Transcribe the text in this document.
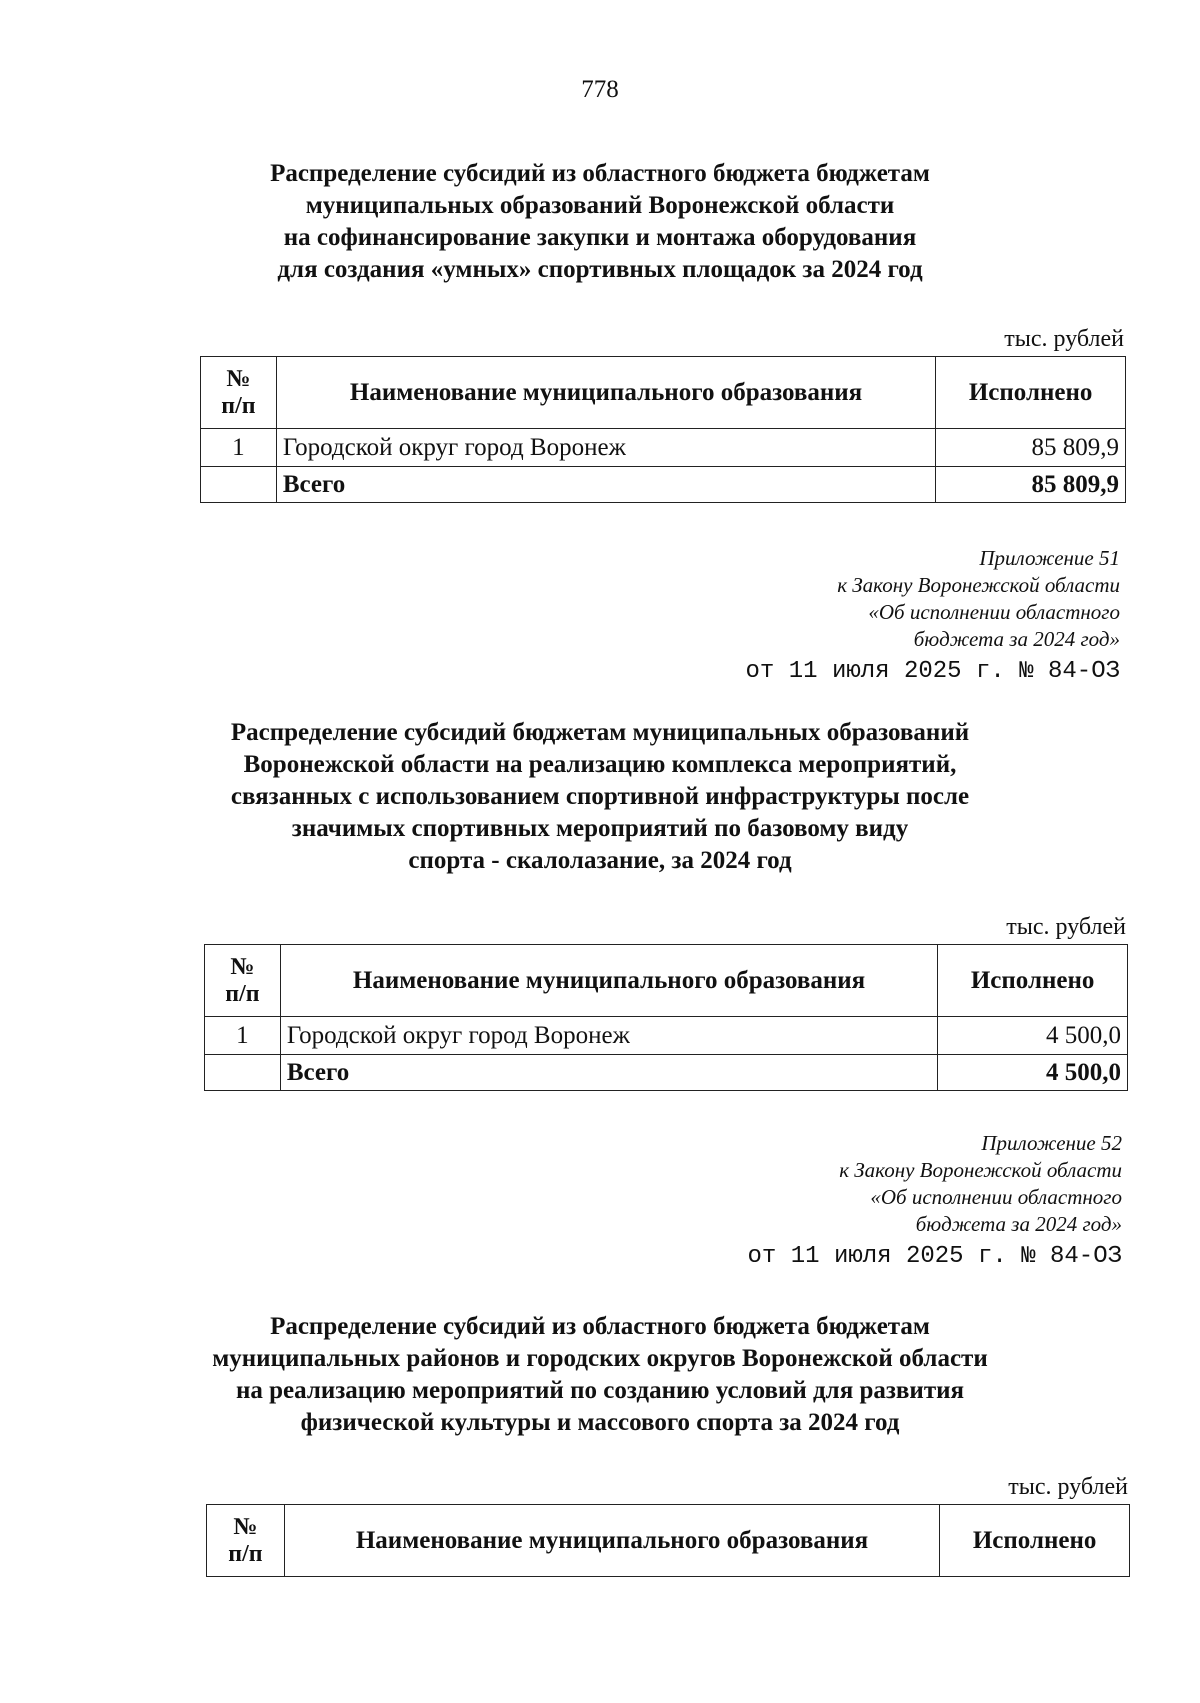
778
Распределение субсидий из областного бюджета бюджетам
муниципальных образований Воронежской области
на софинансирование закупки и монтажа оборудования
для создания «умных» спортивных площадок за 2024 год
тыс. рублей
№
п/п	Наименование муниципального образования	Исполнено
1	Городской округ город Воронеж	85 809,9
	Всего	85 809,9
Приложение 51
к Закону Воронежской области
«Об исполнении областного
бюджета за 2024 год»
от 11 июля 2025 г. № 84-ОЗ
Распределение субсидий бюджетам муниципальных образований
Воронежской области на реализацию комплекса мероприятий,
связанных с использованием спортивной инфраструктуры после
значимых спортивных мероприятий по базовому виду
спорта - скалолазание, за 2024 год
тыс. рублей
№
п/п	Наименование муниципального образования	Исполнено
1	Городской округ город Воронеж	4 500,0
	Всего	4 500,0
Приложение 52
к Закону Воронежской области
«Об исполнении областного
бюджета за 2024 год»
от 11 июля 2025 г. № 84-ОЗ
Распределение субсидий из областного бюджета бюджетам
муниципальных районов и городских округов Воронежской области
на реализацию мероприятий по созданию условий для развития
физической культуры и массового спорта за 2024 год
тыс. рублей
№
п/п	Наименование муниципального образования	Исполнено
